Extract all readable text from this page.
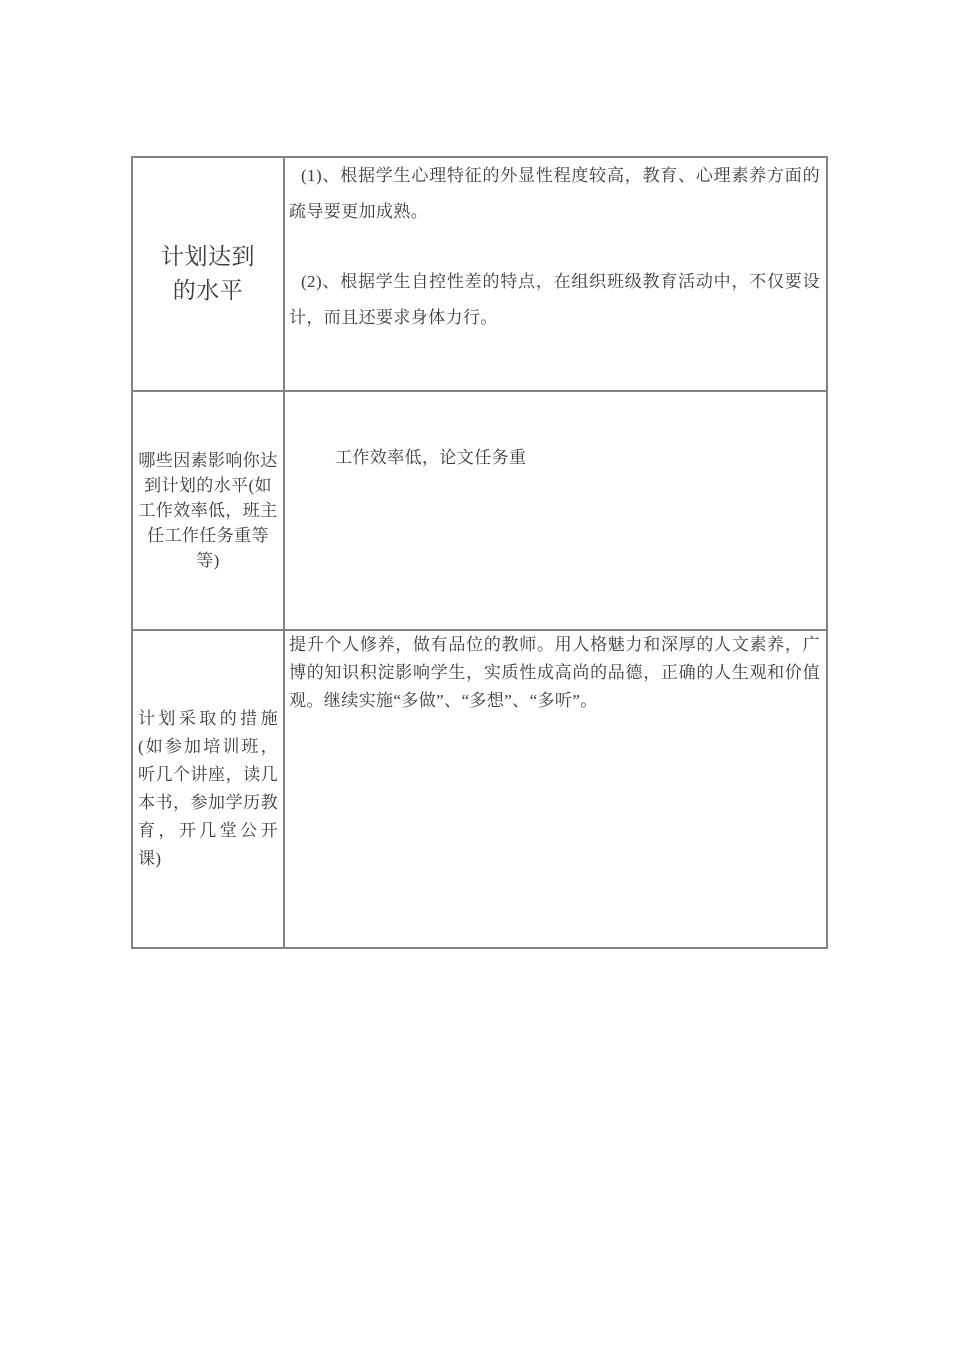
计划达到
的水平

(1)、根据学生心理特征的外显性程度较高，教育、心理素养方面的疏导要更加成熟。

(2)、根据学生自控性差的特点，在组织班级教育活动中，不仅要设计，而且还要求身体力行。

哪些因素影响你达到计划的水平(如工作效率低，班主任工作任务重等等)

工作效率低，论文任务重

计划采取的措施(如参加培训班，听几个讲座，读几本书，参加学历教育，开几堂公开课)

提升个人修养，做有品位的教师。用人格魅力和深厚的人文素养，广博的知识积淀影响学生，实质性成高尚的品德，正确的人生观和价值观。继续实施“多做”、“多想”、“多听”。
